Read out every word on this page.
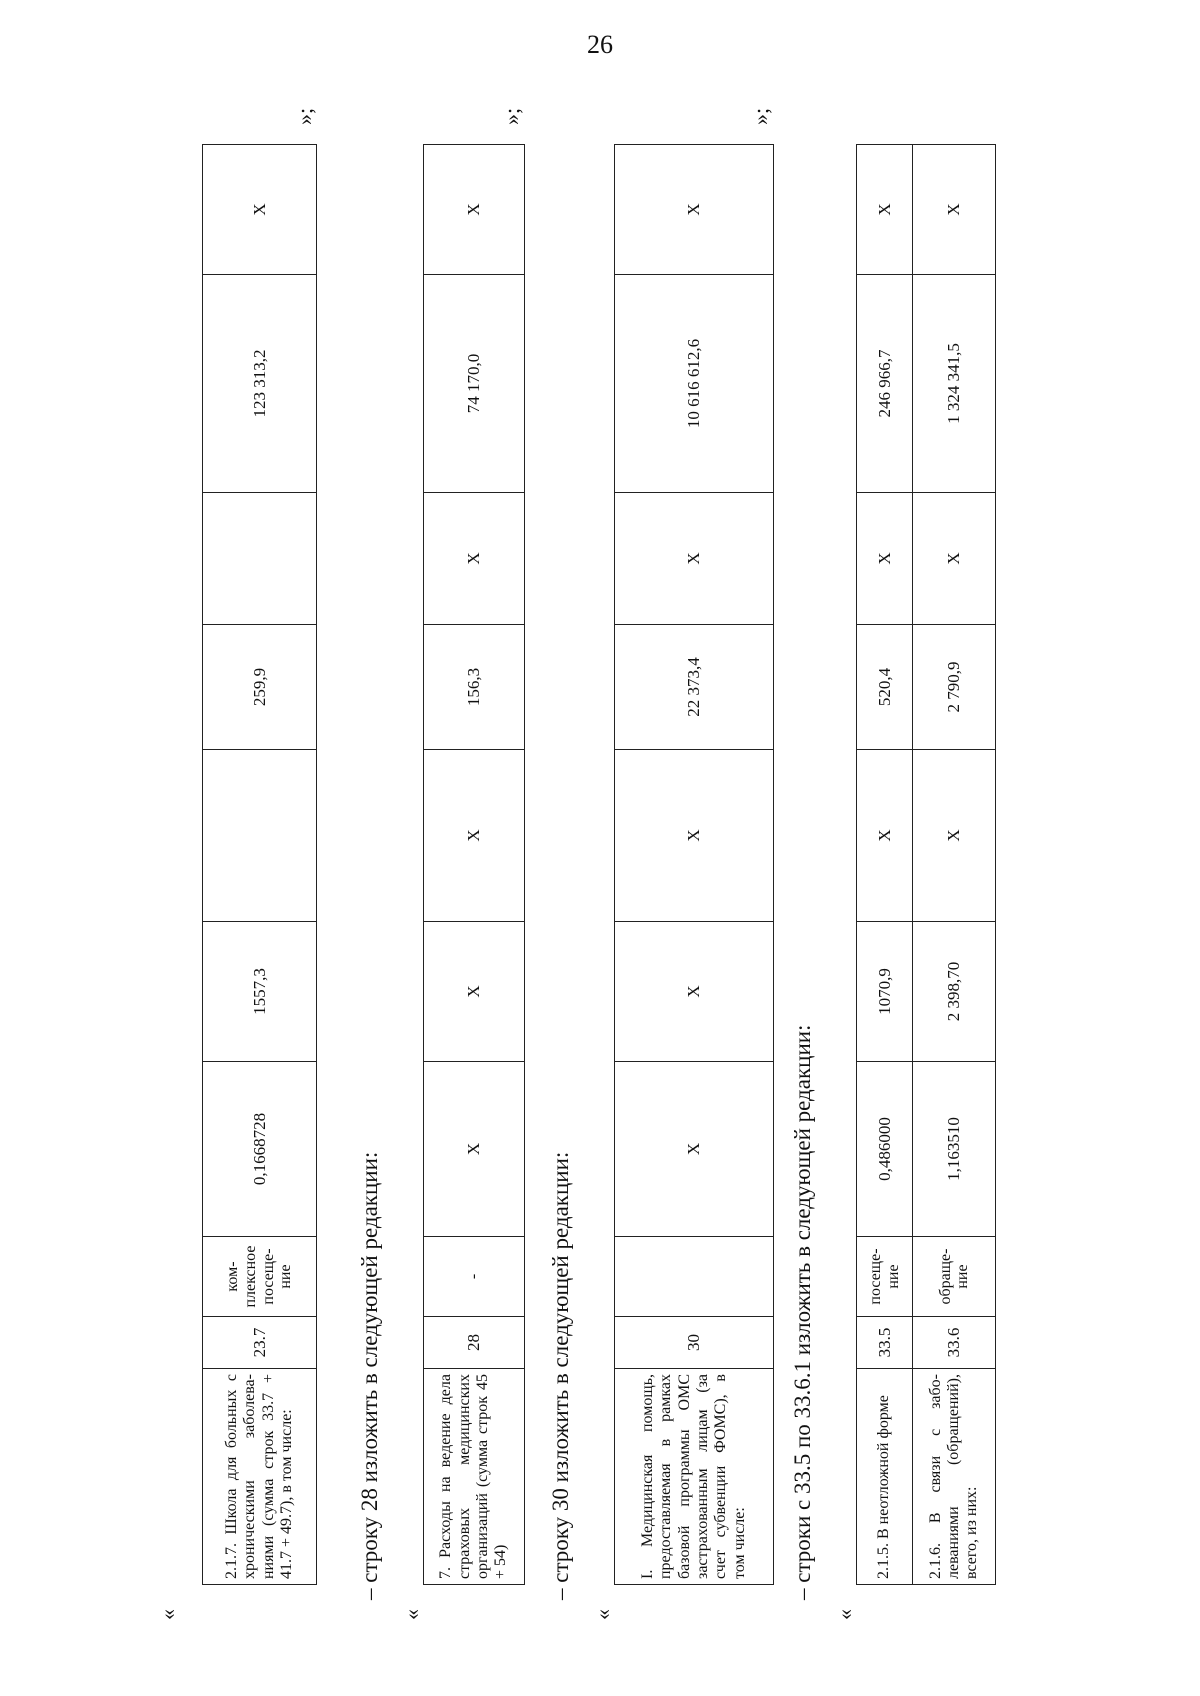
26
«
2.1.7. Школа для больных с хроническими заболева-ниями (сумма строк 33.7 + 41.7 + 49.7), в том числе:	23.7	ком-плексное посеще-ние	0,1668728	1557,3		259,9		123 313,2	X
»;
– строку 28 изложить в следующей редакции:
«
7. Расходы на ведение дела страховых медицинских организаций (сумма строк 45 + 54)	28	-	X	X	X	156,3	X	74 170,0	X
»;
– строку 30 изложить в следующей редакции:
«
I. Медицинская помощь, предоставляемая в рамках базовой программы ОМС застрахованным лицам (за счет субвенции ФОМС), в том числе:	30		X	X	X	22 373,4	X	10 616 612,6	X
»;
– строки с 33.5 по 33.6.1 изложить в следующей редакции:
«
2.1.5. В неотложной форме	33.5	посеще-ние	0,486000	1070,9	X	520,4	X	246 966,7	X
2.1.6. В связи с забо-леваниями (обращений), всего, из них:	33.6	обраще-ние	1,163510	2 398,70	X	2 790,9	X	1 324 341,5	X
